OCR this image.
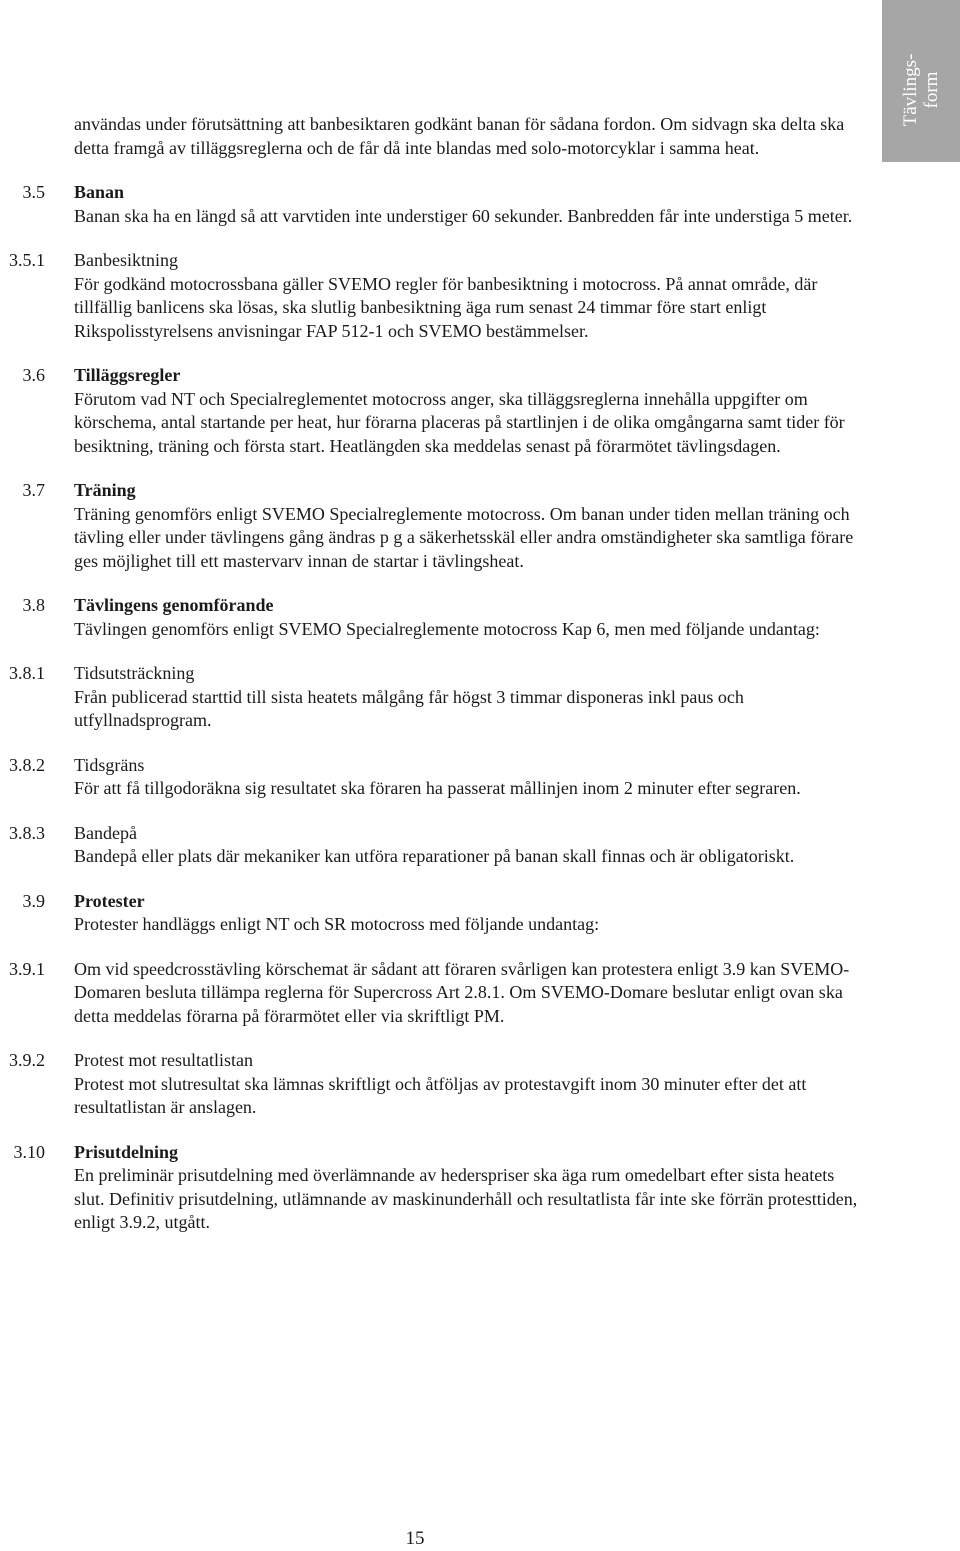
Tävlings-
form
användas under förutsättning att banbesiktaren godkänt banan för sådana fordon. Om sidvagn ska delta ska detta framgå av tilläggsreglerna och de får då inte blandas med solo-motorcyklar i samma heat.
3.5	Banan
Banan ska ha en längd så att varvtiden inte understiger 60 sekunder. Banbredden får inte understiga 5 meter.
3.5.1	Banbesiktning
För godkänd motocrossbana gäller SVEMO regler för banbesiktning i motocross. På annat område, där tillfällig banlicens ska lösas, ska slutlig banbesiktning äga rum senast 24 timmar före start enligt Rikspolisstyrelsens anvisningar FAP 512-1 och SVEMO bestämmelser.
3.6	Tilläggsregler
Förutom vad NT och Specialreglementet motocross anger, ska tilläggsreglerna innehålla uppgifter om körschema, antal startande per heat, hur förarna placeras på startlinjen i de olika omgångarna samt tider för besiktning, träning och första start. Heatlängden ska meddelas senast på förarmötet tävlingsdagen.
3.7	Träning
Träning genomförs enligt SVEMO Specialreglemente motocross. Om banan under tiden mellan träning och tävling eller under tävlingens gång ändras p g a säkerhetsskäl eller andra omständigheter ska samtliga förare ges möjlighet till ett mastervarv innan de startar i tävlingsheat.
3.8	Tävlingens genomförande
Tävlingen genomförs enligt SVEMO Specialreglemente motocross Kap 6, men med följande undantag:
3.8.1	Tidsutsträckning
Från publicerad starttid till sista heatets målgång får högst 3 timmar disponeras inkl paus och utfyllnadsprogram.
3.8.2	Tidsgräns
För att få tillgodoräkna sig resultatet ska föraren ha passerat mållinjen inom 2 minuter efter segraren.
3.8.3	Bandepå
Bandepå eller plats där mekaniker kan utföra reparationer på banan skall finnas och är obligatoriskt.
3.9	Protester
Protester handläggs enligt NT och SR motocross med följande undantag:
3.9.1	Om vid speedcrosstävling körschemat är sådant att föraren svårligen kan protestera enligt 3.9 kan SVEMO-Domaren besluta tillämpa reglerna för Supercross Art 2.8.1. Om SVEMO-Domare beslutar enligt ovan ska detta meddelas förarna på förarmötet eller via skriftligt PM.
3.9.2	Protest mot resultatlistan
Protest mot slutresultat ska lämnas skriftligt och åtföljas av protestavgift inom 30 minuter efter det att resultatlistan är anslagen.
3.10	Prisutdelning
En preliminär prisutdelning med överlämnande av hederspriser ska äga rum omedelbart efter sista heatets slut. Definitiv prisutdelning, utlämnande av maskinunderhåll och resultatlista får inte ske förrän protesttiden, enligt 3.9.2, utgått.
15
